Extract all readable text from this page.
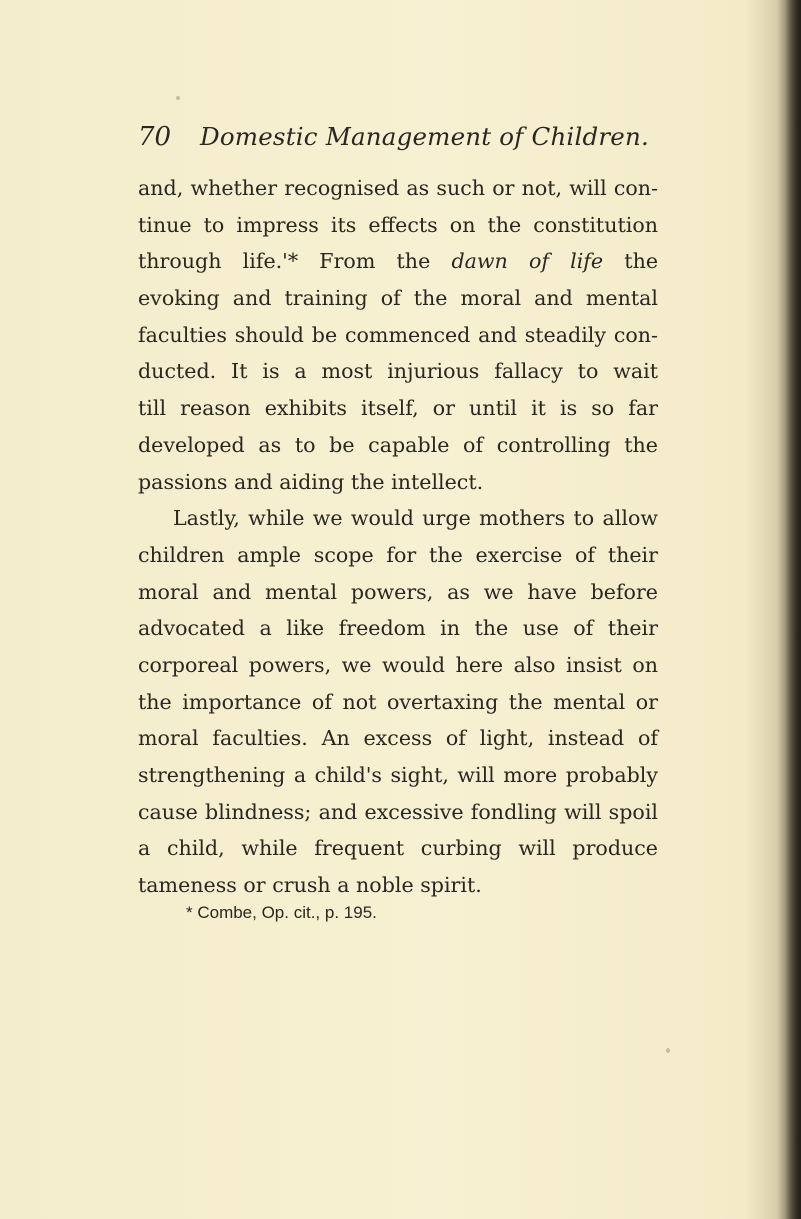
70 Domestic Management of Children.
and, whether recognised as such or not, will con-
tinue to impress its effects on the constitution
through life.'* From the dawn of life the
evoking and training of the moral and mental
faculties should be commenced and steadily con-
ducted. It is a most injurious fallacy to wait
till reason exhibits itself, or until it is so far
developed as to be capable of controlling the
passions and aiding the intellect.
Lastly, while we would urge mothers to allow
children ample scope for the exercise of their
moral and mental powers, as we have before
advocated a like freedom in the use of their
corporeal powers, we would here also insist on
the importance of not overtaxing the mental or
moral faculties. An excess of light, instead of
strengthening a child's sight, will more probably
cause blindness; and excessive fondling will spoil
a child, while frequent curbing will produce
tameness or crush a noble spirit.
* Combe, Op. cit., p. 195.
